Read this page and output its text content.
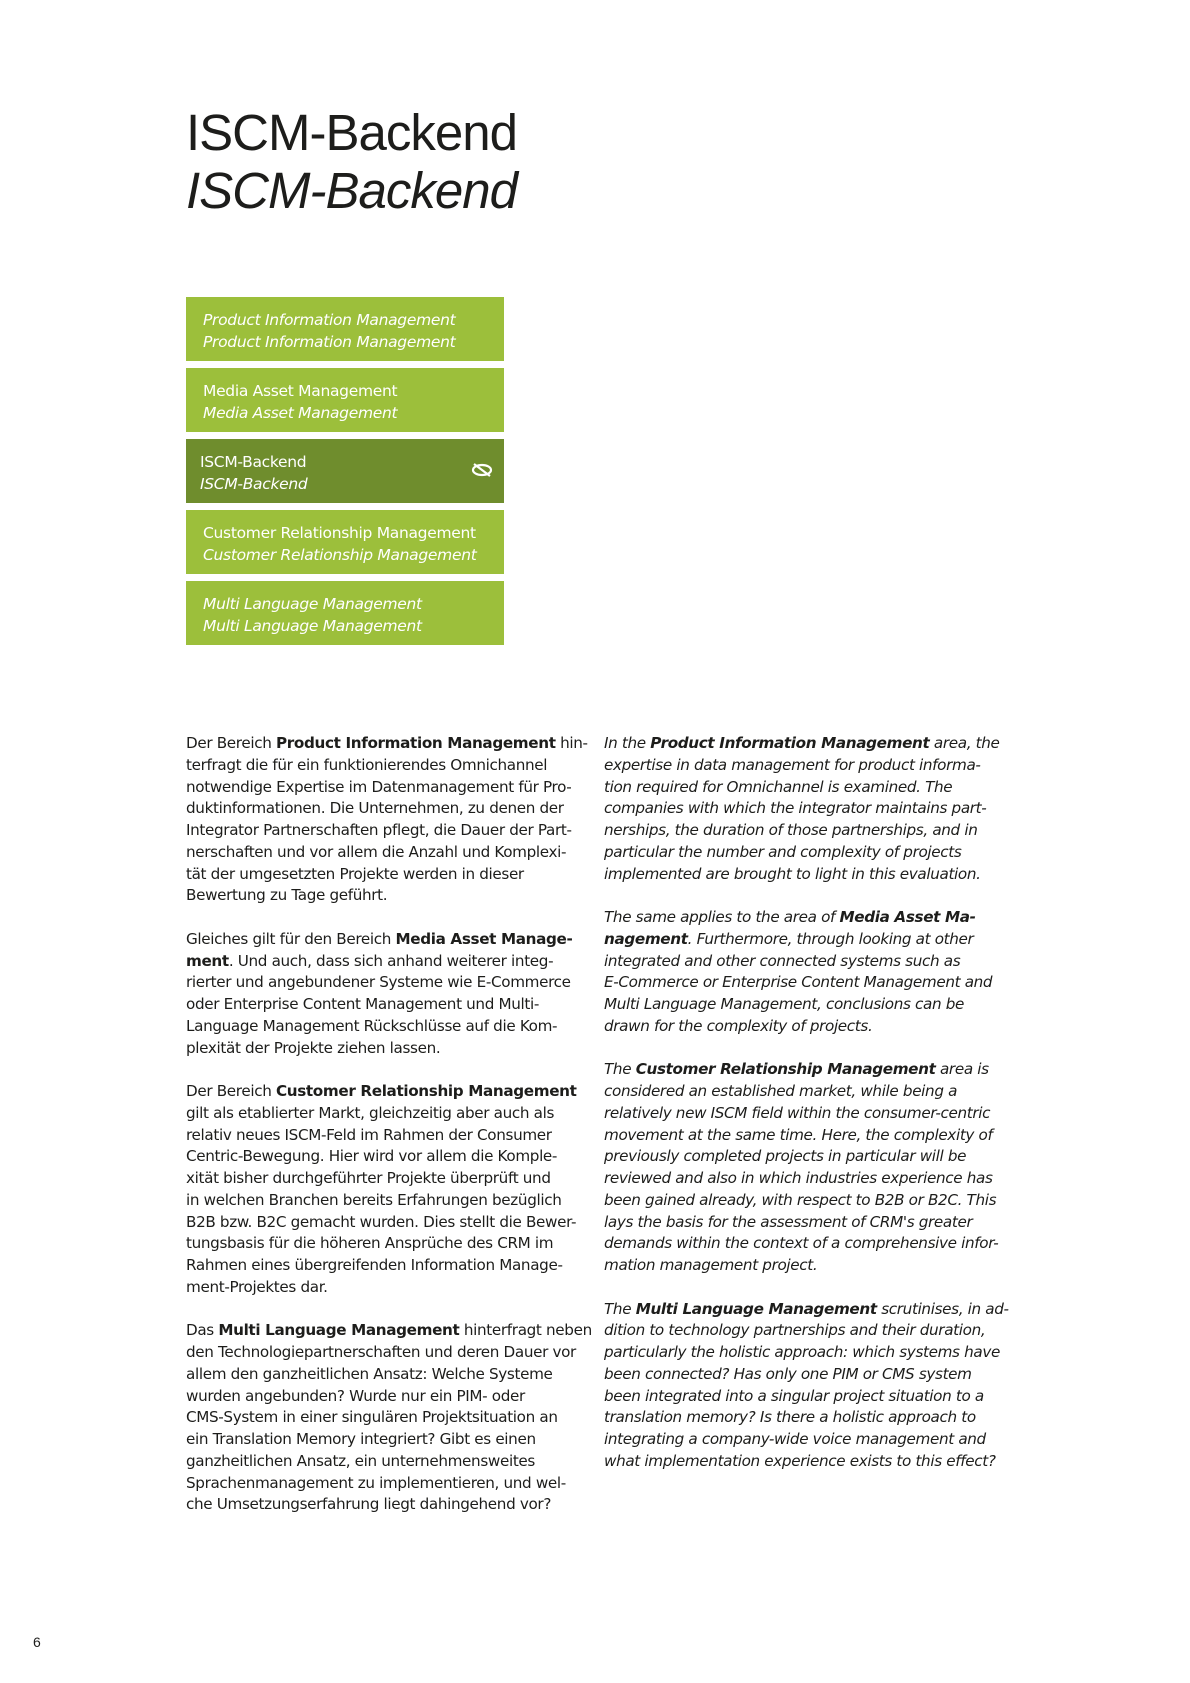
ISCM-Backend
ISCM-Backend
Product Information Management
Product Information Management
Media Asset Management
Media Asset Management
ISCM-Backend
ISCM-Backend
Customer Relationship Management
Customer Relationship Management
Multi Language Management
Multi Language Management

Der Bereich Product Information Management hin-
terfragt die für ein funktionierendes Omnichannel
notwendige Expertise im Datenmanagement für Pro-
duktinformationen. Die Unternehmen, zu denen der
Integrator Partnerschaften pflegt, die Dauer der Part-
nerschaften und vor allem die Anzahl und Komplexi-
tät der umgesetzten Projekte werden in dieser
Bewertung zu Tage geführt.

Gleiches gilt für den Bereich Media Asset Manage-
ment. Und auch, dass sich anhand weiterer integ-
rierter und angebundener Systeme wie E-Commerce
oder Enterprise Content Management und Multi-
Language Management Rückschlüsse auf die Kom-
plexität der Projekte ziehen lassen.

Der Bereich Customer Relationship Management
gilt als etablierter Markt, gleichzeitig aber auch als
relativ neues ISCM-Feld im Rahmen der Consumer
Centric-Bewegung. Hier wird vor allem die Komple-
xität bisher durchgeführter Projekte überprüft und
in welchen Branchen bereits Erfahrungen bezüglich
B2B bzw. B2C gemacht wurden. Dies stellt die Bewer-
tungsbasis für die höheren Ansprüche des CRM im
Rahmen eines übergreifenden Information Manage-
ment-Projektes dar.

Das Multi Language Management hinterfragt neben
den Technologiepartnerschaften und deren Dauer vor
allem den ganzheitlichen Ansatz: Welche Systeme
wurden angebunden? Wurde nur ein PIM- oder
CMS-System in einer singulären Projektsituation an
ein Translation Memory integriert? Gibt es einen
ganzheitlichen Ansatz, ein unternehmensweites
Sprachenmanagement zu implementieren, und wel-
che Umsetzungserfahrung liegt dahingehend vor?

In the Product Information Management area, the
expertise in data management for product informa-
tion required for Omnichannel is examined. The
companies with which the integrator maintains part-
nerships, the duration of those partnerships, and in
particular the number and complexity of projects
implemented are brought to light in this evaluation.

The same applies to the area of Media Asset Ma-
nagement. Furthermore, through looking at other
integrated and other connected systems such as
E-Commerce or Enterprise Content Management and
Multi Language Management, conclusions can be
drawn for the complexity of projects.

The Customer Relationship Management area is
considered an established market, while being a
relatively new ISCM field within the consumer-centric
movement at the same time. Here, the complexity of
previously completed projects in particular will be
reviewed and also in which industries experience has
been gained already, with respect to B2B or B2C. This
lays the basis for the assessment of CRM's greater
demands within the context of a comprehensive infor-
mation management project.

The Multi Language Management scrutinises, in ad-
dition to technology partnerships and their duration,
particularly the holistic approach: which systems have
been connected? Has only one PIM or CMS system
been integrated into a singular project situation to a
translation memory? Is there a holistic approach to
integrating a company-wide voice management and
what implementation experience exists to this effect?

6
